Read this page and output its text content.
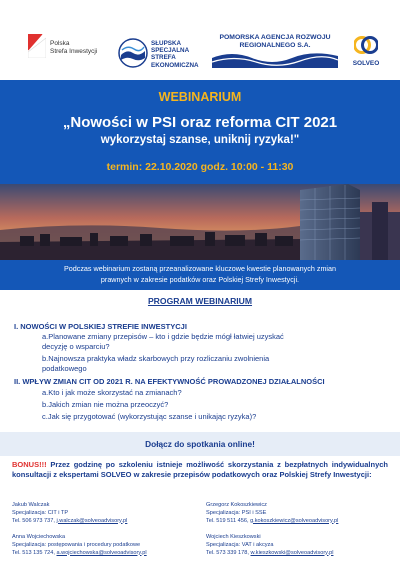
Polska
Strefa Inwestycji
SŁUPSKA
SPECJALNA
STREFA
EKONOMICZNA
POMORSKA AGENCJA ROZWOJU
REGIONALNEGO S.A.
SOLVEO
WEBINARIUM
„Nowości w PSI oraz reforma CIT 2021
wykorzystaj szanse, uniknij ryzyka!"
termin: 22.10.2020 godz. 10:00 - 11:30
Podczas webinarium zostaną przeanalizowane kluczowe kwestie planowanych zmian
prawnych w zakresie podatków oraz Polskiej Strefy Inwestycji.
PROGRAM WEBINARIUM
I. NOWOŚCI W POLSKIEJ STREFIE INWESTYCJI
a.Planowane zmiany przepisów – kto i gdzie będzie mógł łatwiej uzyskać
decyzję o wsparciu?
b.Najnowsza praktyka władz skarbowych przy rozliczaniu zwolnienia
podatkowego
II. WPŁYW ZMIAN CIT OD 2021 R. NA EFEKTYWNOŚĆ PROWADZONEJ DZIAŁALNOŚCI
a.Kto i jak może skorzystać na zmianach?
b.Jakich zmian nie można przeoczyć?
c.Jak się przygotować (wykorzystując szanse i unikając ryzyka)?
Dołącz do spotkania online!
BONUS!!! Przez godzinę po szkoleniu istnieje możliwość skorzystania z bezpłatnych indywidualnych konsultacji z ekspertami SOLVEO w zakresie przepisów podatkowych oraz Polskiej Strefy Inwestycji:
Jakub Walczak
Specjalizacja: CIT i TP
Tel. 506 973 737, j.walczak@solveoadvisory.pl
Grzegorz Kokoszkiewicz
Specjalizacja: PSI i SSE
Tel. 519 511 456, g.kokoszkiewicz@solveoadvisory.pl
Anna Wojciechowska
Specjalizacja: postępowania i procedury podatkowe
Tel. 513 135 724, a.wojciechowska@solveoadvisory.pl
Wojciech Kieszkowski
Specjalizacja: VAT i akcyza
Tel. 573 339 178, w.kieszkowski@solveoadvisory.pl
